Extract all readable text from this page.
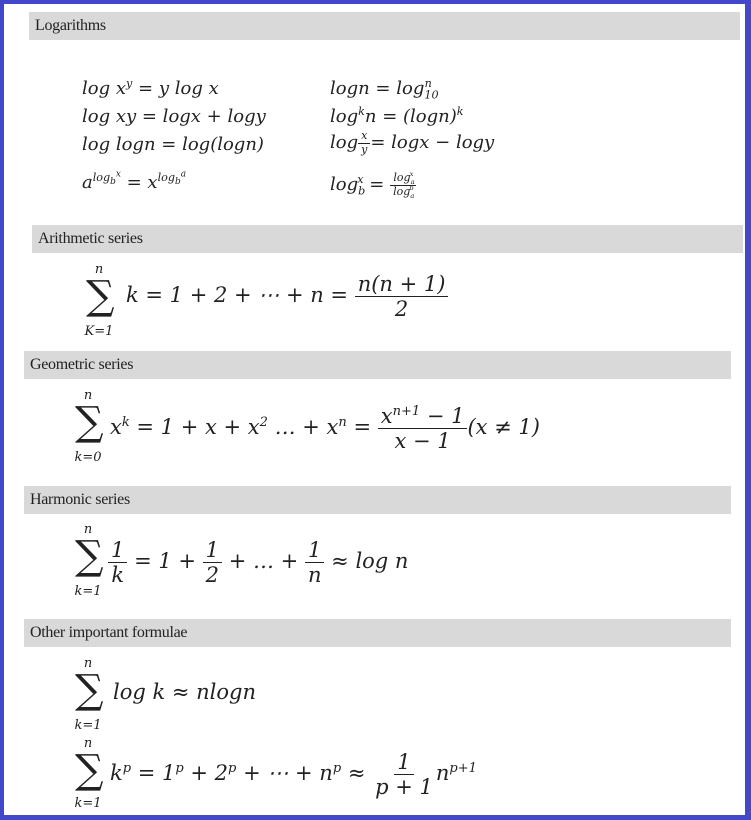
Logarithms
$\log x^y = y$ log x
log xy = logx + logy
log logn = log(logn)
$a^{log_b^x} = x^{log_b^a}$
$\log n = \log_{10}^n$
$\log^kn = (\log n)^k$
$\log \frac{x}{y} = \log x - \log y$
$\log_b^x = \frac{\log_a^x}{\log_a^b}$
Arithmetic series
n
∑
K=1
k = 1 + 2 + ⋯ + $n = \frac{n(n + 1)}{2}$
Geometric series
n
∑
k=0
$x^k = 1 + x + x^2$ … + $x^n = \frac{x^{n+1} - 1}{x - 1} (x \ne 1)$
Harmonic series
n
∑
k=1
$\frac{1}{k} = 1 + \frac{1}{2}$ + … + $\frac{1}{n} \approx \log n$
Other important formulae
n
∑
k=1
log k ≈ nlogn
n
∑
k=1
$k^p = 1^p + 2^p$ + ⋯ + $n^p \approx \frac{1}{p + 1} n^{p+1}$
